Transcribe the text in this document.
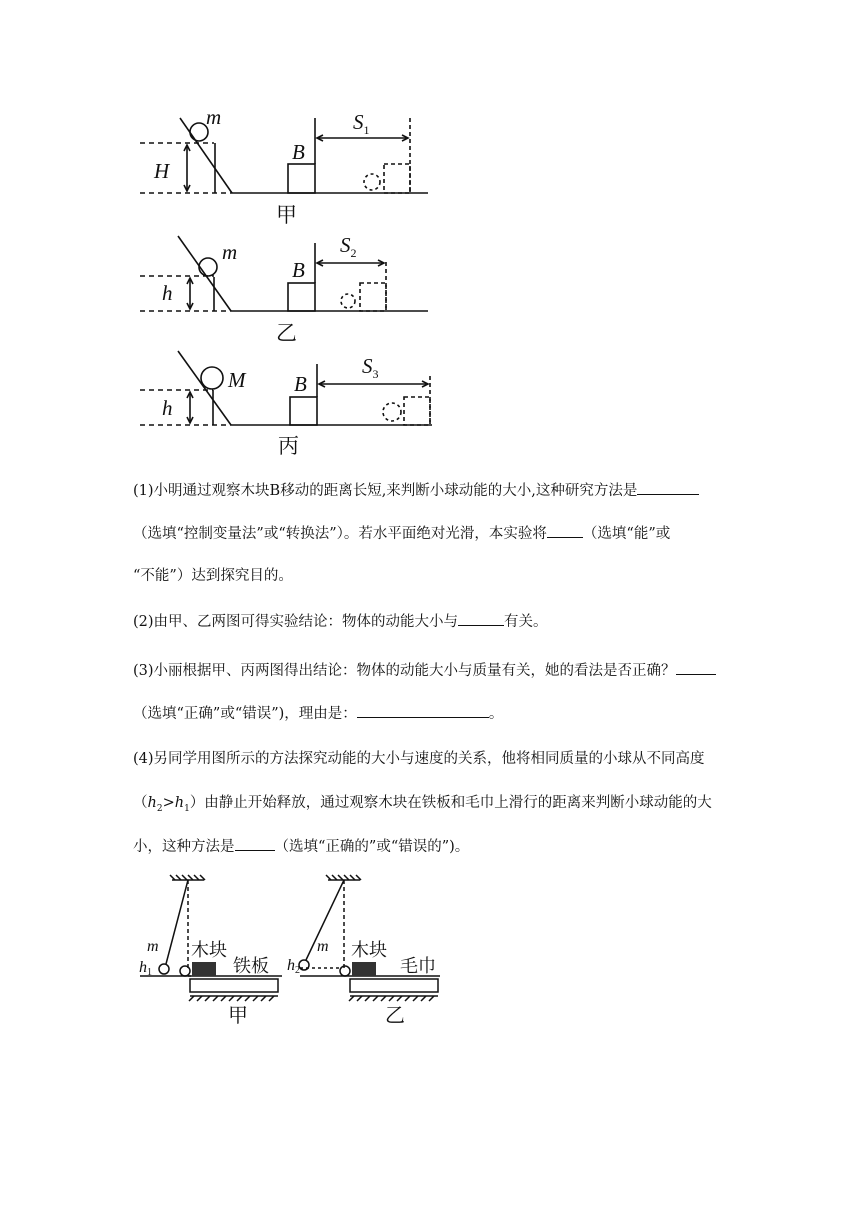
m
H
B
$S_1$
m
h
B
$S_2$
M
h
B
$S_3$
甲
乙
丙
(1)小明通过观察木块B移动的距离长短,来判断小球动能的大小,这种研究方法是
（选填“控制变量法”或“转换法”）。若水平面绝对光滑，本实验将 （选填“能”或
“不能”）达到探究目的。
(2)由甲、乙两图可得实验结论：物体的动能大小与	有关。
(3)小丽根据甲、丙两图得出结论：物体的动能大小与质量有关，她的看法是否正确？
（选填“正确”或“错误”)，理由是：	。
(4)另同学用图所示的方法探究动能的大小与速度的关系，他将相同质量的小球从不同高度
$(h_2>h_1)$由静止开始释放，通过观察木块在铁板和毛巾上滑行的距离来判断小球动能的大
小，这种方法是	（选填“正确的”或“错误的”)。
m
h1
木块
铁板
甲
m
h2
木块
毛巾
乙
